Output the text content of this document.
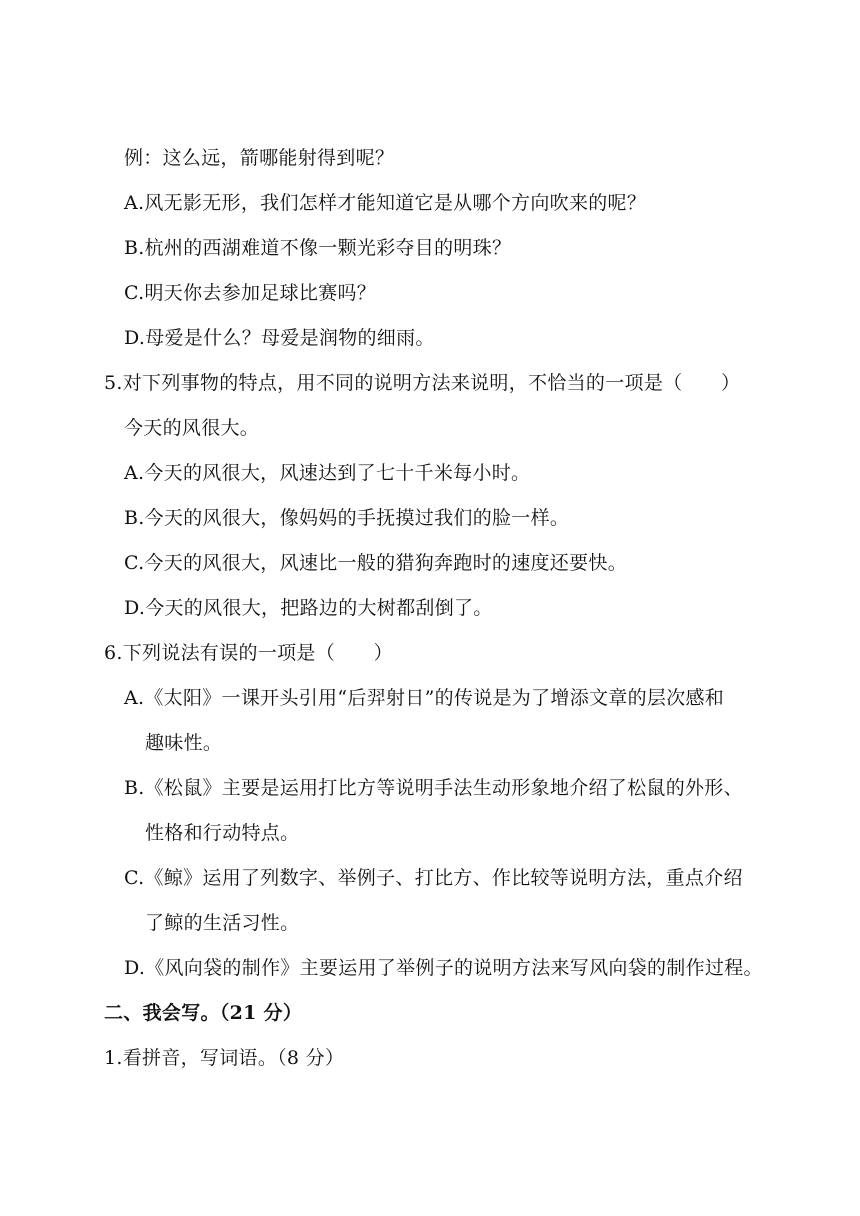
例：这么远，箭哪能射得到呢？
A.风无影无形，我们怎样才能知道它是从哪个方向吹来的呢？
B.杭州的西湖难道不像一颗光彩夺目的明珠？
C.明天你去参加足球比赛吗？
D.母爱是什么？母爱是润物的细雨。
5.对下列事物的特点，用不同的说明方法来说明，不恰当的一项是（　　）
今天的风很大。
A.今天的风很大，风速达到了七十千米每小时。
B.今天的风很大，像妈妈的手抚摸过我们的脸一样。
C.今天的风很大，风速比一般的猎狗奔跑时的速度还要快。
D.今天的风很大，把路边的大树都刮倒了。
6.下列说法有误的一项是（　　）
A.《太阳》一课开头引用“后羿射日”的传说是为了增添文章的层次感和
趣味性。
B.《松鼠》主要是运用打比方等说明手法生动形象地介绍了松鼠的外形、
性格和行动特点。
C.《鲸》运用了列数字、举例子、打比方、作比较等说明方法，重点介绍
了鲸的生活习性。
D.《风向袋的制作》主要运用了举例子的说明方法来写风向袋的制作过程。
二、我会写。（21 分）
1.看拼音，写词语。（8 分）
